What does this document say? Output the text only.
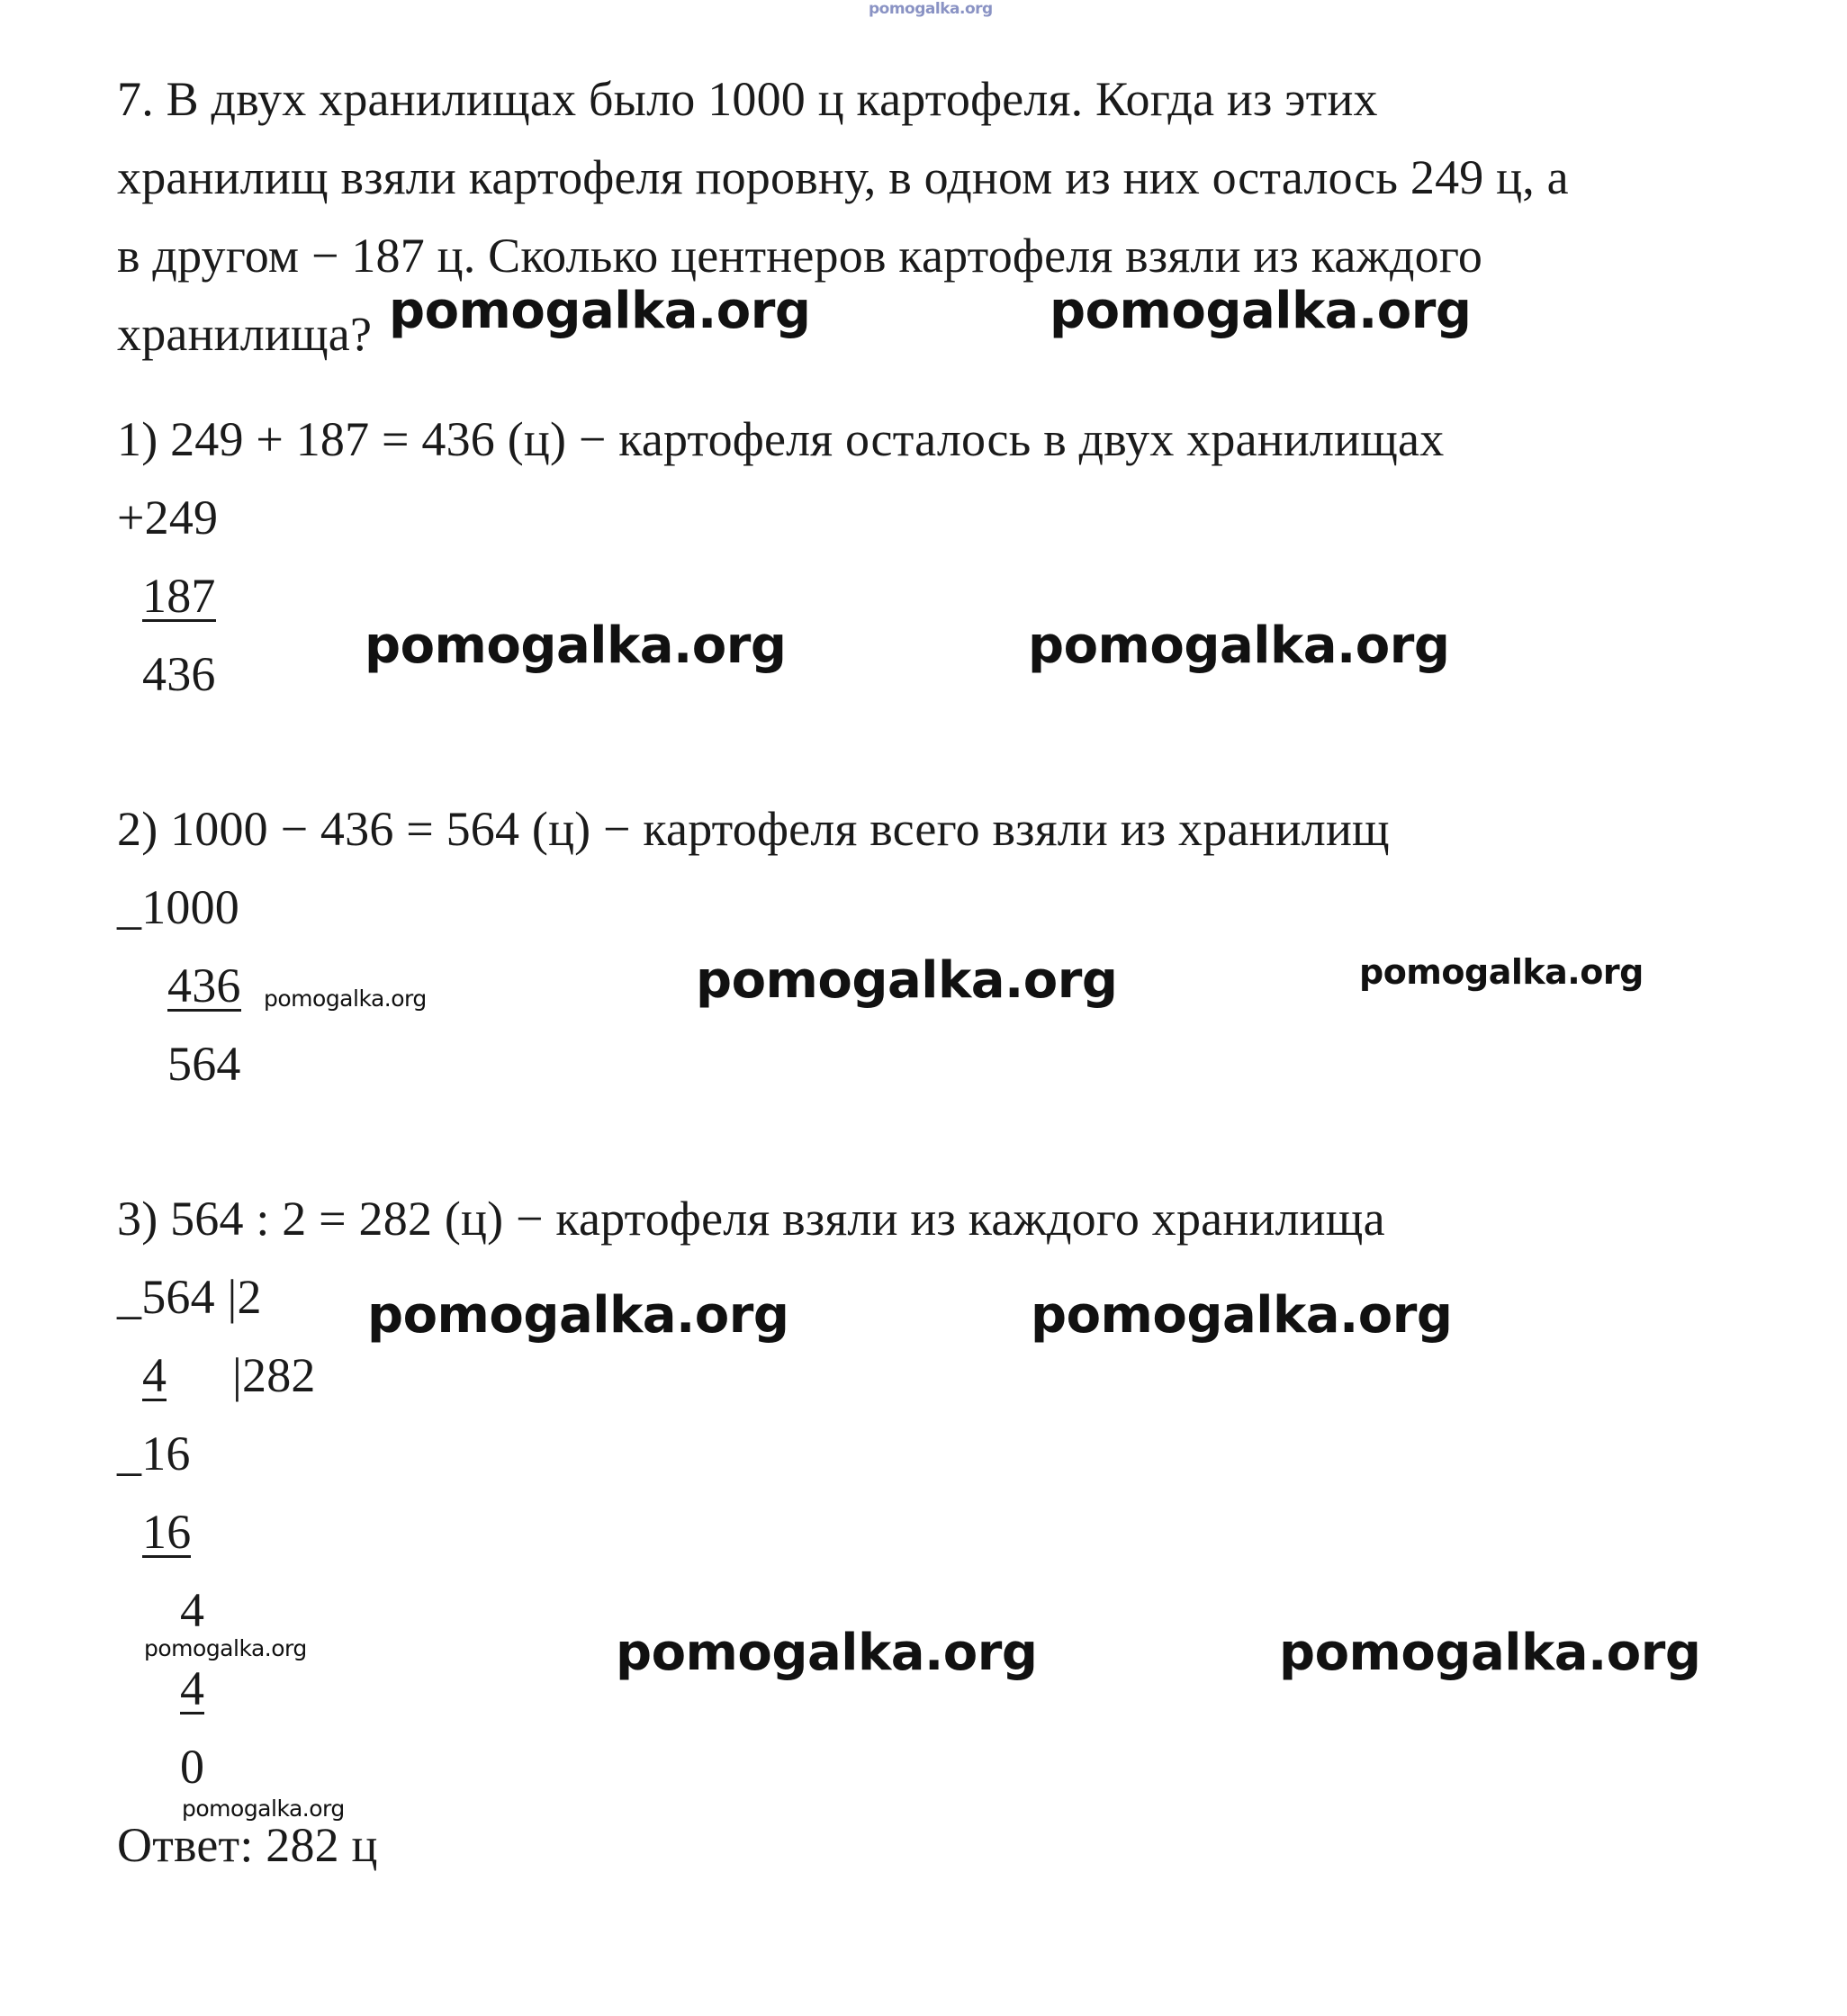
pomogalka.org
7. В двух хранилищах было 1000 ц картофеля. Когда из этих
хранилищ взяли картофеля поровну, в одном из них осталось 249 ц, а
в другом − 187 ц. Сколько центнеров картофеля взяли из каждого
хранилища? pomogalka.org	pomogalka.org
1) 249 + 187 = 436 (ц) − картофеля осталось в двух хранилищах
+249
187
436	pomogalka.org	pomogalka.org
2) 1000 − 436 = 564 (ц) − картофеля всего взяли из хранилищ
_1000
436
564
pomogalka.org	pomogalka.org	pomogalka.org
3) 564 : 2 = 282 (ц) − картофеля взяли из каждого хранилища
_564 |2
4 |282
_16
16
4
4
0
pomogalka.org	pomogalka.org
pomogalka.org	pomogalka.org	pomogalka.org
pomogalka.org
Ответ: 282 ц
